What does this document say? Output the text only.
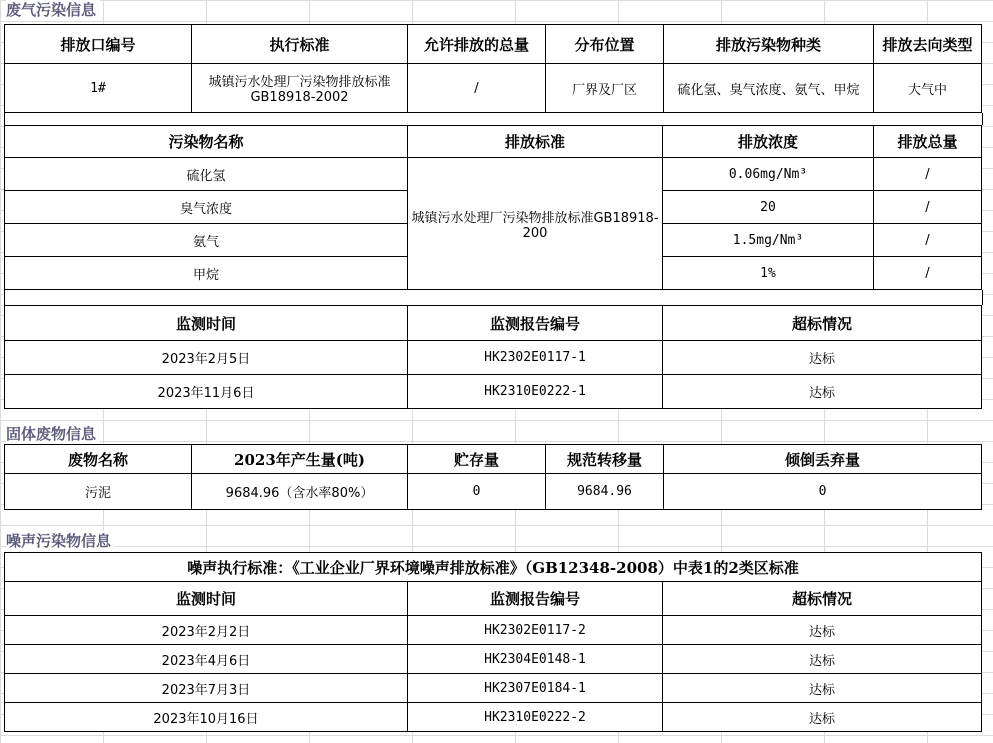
废气污染信息
排放口编号	执行标准	允许排放的总量	分布位置	排放污染物种类	排放去向类型
1#	城镇污水处理厂污染物排放标准GB18918-2002	/	厂界及厂区	硫化氢、臭气浓度、氨气、甲烷	大气中
污染物名称	排放标准	排放浓度	排放总量
硫化氢	城镇污水处理厂污染物排放标准GB18918-200	0.06mg/Nm³	/
臭气浓度		20	/
氨气		1.5mg/Nm³	/
甲烷		1%	/
监测时间	监测报告编号	超标情况
2023年2月5日	HK2302E0117-1	达标
2023年11月6日	HK2310E0222-1	达标
固体废物信息
废物名称	2023年产生量(吨)	贮存量	规范转移量	倾倒丢弃量
污泥	9684.96（含水率80%）	0	9684.96	0
噪声污染物信息
噪声执行标准：《工业企业厂界环境噪声排放标准》（GB12348-2008）中表1的2类区标准		
监测时间	监测报告编号	超标情况
2023年2月2日	HK2302E0117-2	达标
2023年4月6日	HK2304E0148-1	达标
2023年7月3日	HK2307E0184-1	达标
2023年10月16日	HK2310E0222-2	达标
